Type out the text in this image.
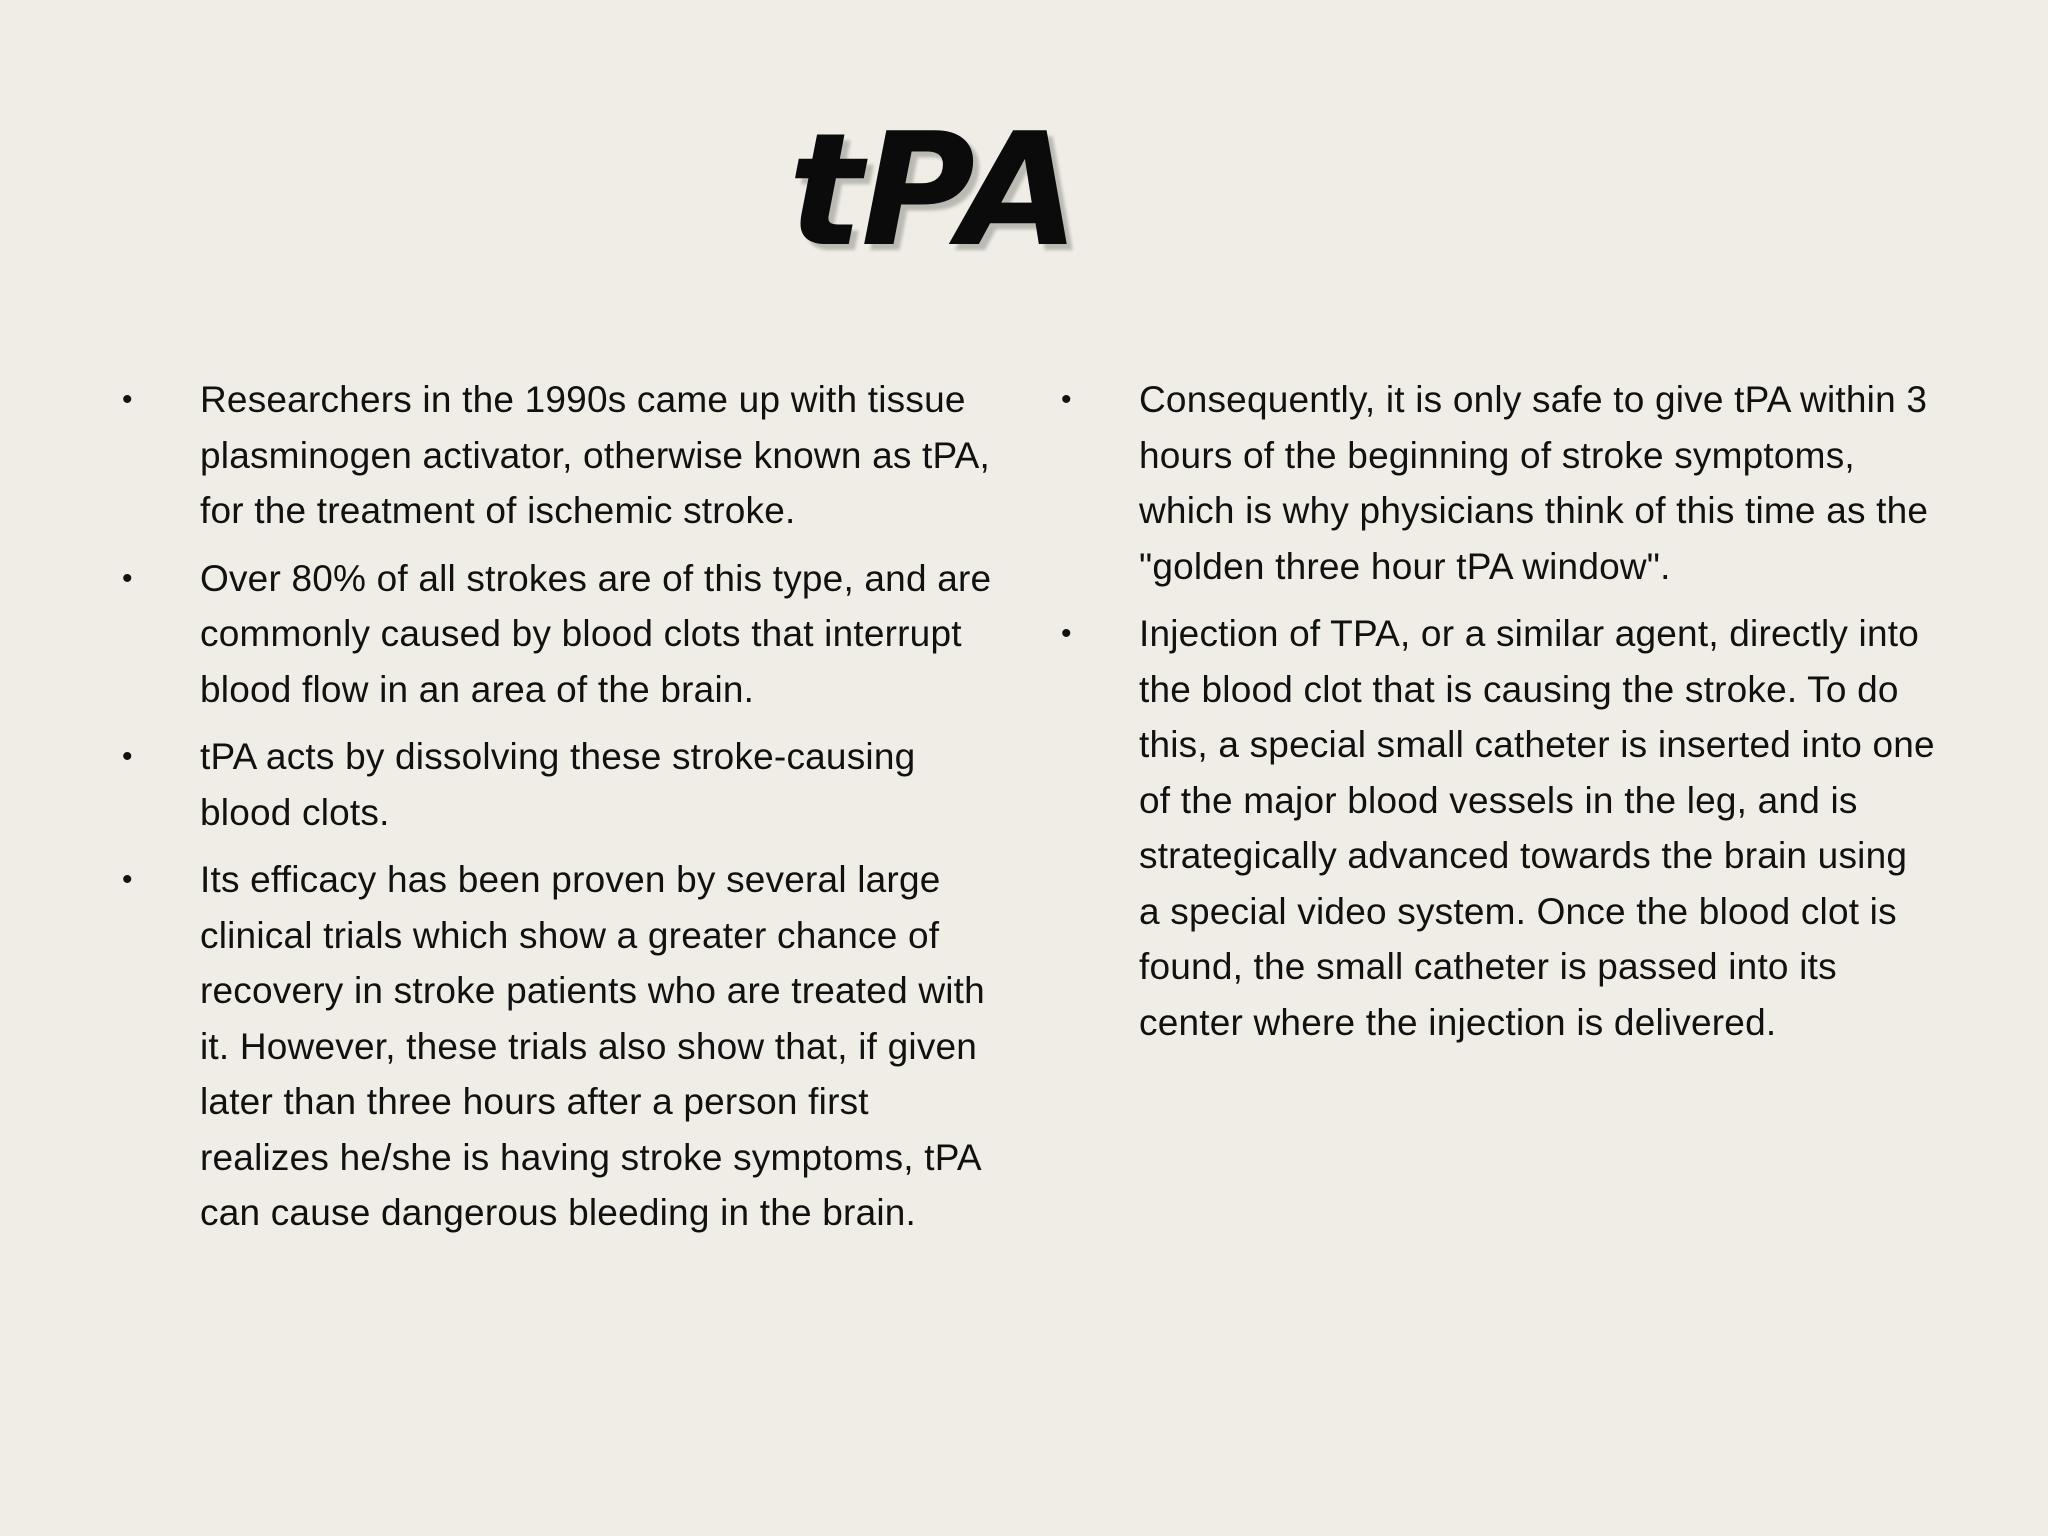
tPA
• Researchers in the 1990s came up with tissue plasminogen activator, otherwise known as tPA, for the treatment of ischemic stroke.
• Over 80% of all strokes are of this type, and are commonly caused by blood clots that interrupt blood flow in an area of the brain.
• tPA acts by dissolving these stroke-causing blood clots.
• Its efficacy has been proven by several large clinical trials which show a greater chance of recovery in stroke patients who are treated with it. However, these trials also show that, if given later than three hours after a person first realizes he/she is having stroke symptoms, tPA can cause dangerous bleeding in the brain.
• Consequently, it is only safe to give tPA within 3 hours of the beginning of stroke symptoms, which is why physicians think of this time as the "golden three hour tPA window".
• Injection of TPA, or a similar agent, directly into the blood clot that is causing the stroke. To do this, a special small catheter is inserted into one of the major blood vessels in the leg, and is strategically advanced towards the brain using a special video system. Once the blood clot is found, the small catheter is passed into its center where the injection is delivered.
